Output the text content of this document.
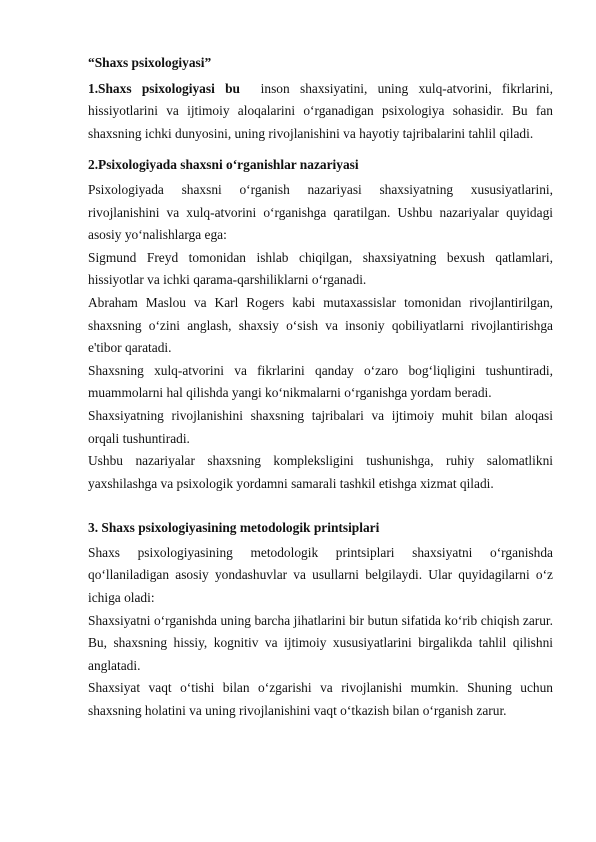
“Shaxs psixologiyasi”

1.Shaxs psixologiyasi bu inson shaxsiyatini, uning xulq-atvorini, fikrlarini, hissiyotlarini va ijtimoiy aloqalarini o‘rganadigan psixologiya sohasidir. Bu fan shaxsning ichki dunyosini, uning rivojlanishini va hayotiy tajribalarini tahlil qiladi.

2.Psixologiyada shaxsni o‘rganishlar nazariyasi

Psixologiyada shaxsni o‘rganish nazariyasi shaxsiyatning xususiyatlarini, rivojlanishini va xulq-atvorini o‘rganishga qaratilgan. Ushbu nazariyalar quyidagi asosiy yo‘nalishlarga ega:

Sigmund Freyd tomonidan ishlab chiqilgan, shaxsiyatning bexush qatlamlari, hissiyotlar va ichki qarama-qarshiliklarni o‘rganadi.

Abraham Maslou va Karl Rogers kabi mutaxassislar tomonidan rivojlantirilgan, shaxsning o‘zini anglash, shaxsiy o‘sish va insoniy qobiliyatlarni rivojlantirishga e'tibor qaratadi.

Shaxsning xulq-atvorini va fikrlarini qanday o‘zaro bog‘liqligini tushuntiradi, muammolarni hal qilishda yangi ko‘nikmalarni o‘rganishga yordam beradi.

Shaxsiyatning rivojlanishini shaxsning tajribalari va ijtimoiy muhit bilan aloqasi orqali tushuntiradi.

Ushbu nazariyalar shaxsning kompleksligini tushunishga, ruhiy salomatlikni yaxshilashga va psixologik yordamni samarali tashkil etishga xizmat qiladi.

3. Shaxs psixologiyasining metodologik printsiplari

Shaxs psixologiyasining metodologik printsiplari shaxsiyatni o‘rganishda qo‘llaniladigan asosiy yondashuvlar va usullarni belgilaydi. Ular quyidagilarni o‘z ichiga oladi:

Shaxsiyatni o‘rganishda uning barcha jihatlarini bir butun sifatida ko‘rib chiqish zarur. Bu, shaxsning hissiy, kognitiv va ijtimoiy xususiyatlarini birgalikda tahlil qilishni anglatadi.

Shaxsiyat vaqt o‘tishi bilan o‘zgarishi va rivojlanishi mumkin. Shuning uchun shaxsning holatini va uning rivojlanishini vaqt o‘tkazish bilan o‘rganish zarur.
